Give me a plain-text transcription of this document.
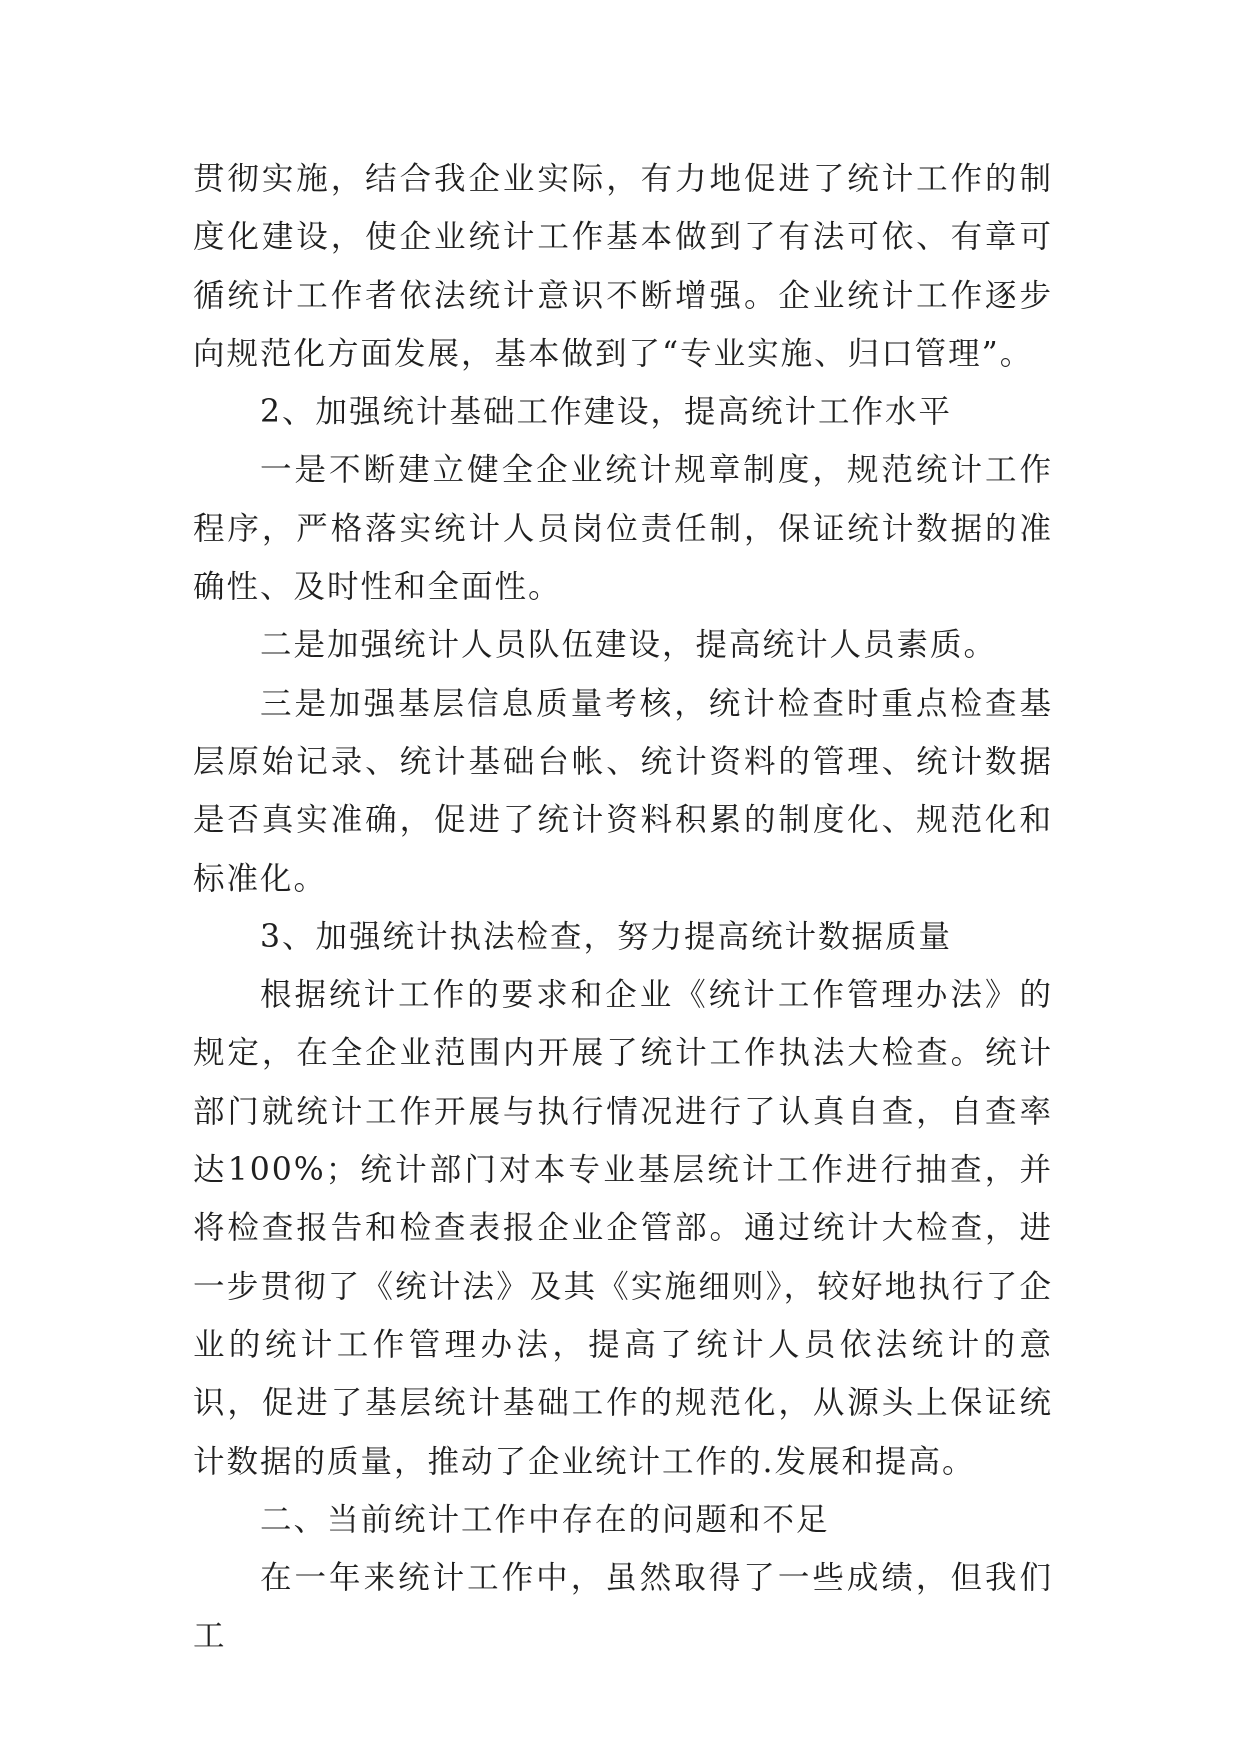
贯彻实施，结合我企业实际，有力地促进了统计工作的制度化建设，使企业统计工作基本做到了有法可依、有章可循统计工作者依法统计意识不断增强。企业统计工作逐步向规范化方面发展，基本做到了“专业实施、归口管理”。

2、加强统计基础工作建设，提高统计工作水平

一是不断建立健全企业统计规章制度，规范统计工作程序，严格落实统计人员岗位责任制，保证统计数据的准确性、及时性和全面性。

二是加强统计人员队伍建设，提高统计人员素质。

三是加强基层信息质量考核，统计检查时重点检查基层原始记录、统计基础台帐、统计资料的管理、统计数据是否真实准确，促进了统计资料积累的制度化、规范化和标准化。

3、加强统计执法检查，努力提高统计数据质量

根据统计工作的要求和企业《统计工作管理办法》的规定，在全企业范围内开展了统计工作执法大检查。统计部门就统计工作开展与执行情况进行了认真自查，自查率达100%；统计部门对本专业基层统计工作进行抽查，并将检查报告和检查表报企业企管部。通过统计大检查，进一步贯彻了《统计法》及其《实施细则》，较好地执行了企业的统计工作管理办法，提高了统计人员依法统计的意识，促进了基层统计基础工作的规范化，从源头上保证统计数据的质量，推动了企业统计工作的.发展和提高。

二、当前统计工作中存在的问题和不足

在一年来统计工作中，虽然取得了一些成绩，但我们工
